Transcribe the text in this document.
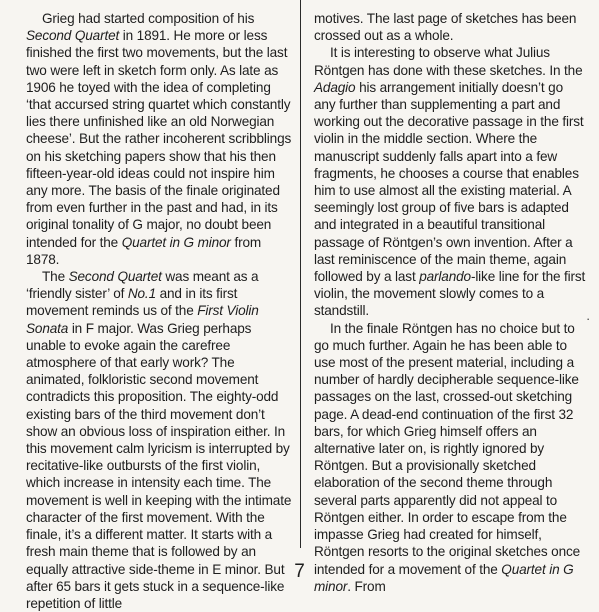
Grieg had started composition of his
Second Quartet in 1891. He more or less finished the first two movements, but the last two were left in sketch form only. As late as 1906 he toyed with the idea of completing ‘that accursed string quartet which constantly lies there unfinished like an old Norwegian cheese’. But the rather incoherent scribblings on his sketching papers show that his then fifteen-year-old ideas could not inspire him any more. The basis of the finale originated from even further in the past and had, in its original tonality of G major, no doubt been intended for the Quartet in G minor from 1878.

The Second Quartet was meant as a ‘friendly sister’ of No.1 and in its first movement reminds us of the First Violin Sonata in F major. Was Grieg perhaps unable to evoke again the carefree atmosphere of that early work? The animated, folkloristic second movement contradicts this proposition. The eighty-odd existing bars of the third movement don’t show an obvious loss of inspiration either. In this movement calm lyricism is interrupted by recitative-like outbursts of the first violin, which increase in intensity each time. The movement is well in keeping with the intimate character of the first movement. With the finale, it’s a different matter. It starts with a fresh main theme that is followed by an equally attractive side-theme in E minor. But after 65 bars it gets stuck in a sequence-like repetition of little

motives. The last page of sketches has been crossed out as a whole.

It is interesting to observe what Julius Röntgen has done with these sketches. In the Adagio his arrangement initially doesn’t go any further than supplementing a part and working out the decorative passage in the first violin in the middle section. Where the manuscript suddenly falls apart into a few fragments, he chooses a course that enables him to use almost all the existing material. A seemingly lost group of five bars is adapted and integrated in a beautiful transitional passage of Röntgen’s own invention. After a last reminiscence of the main theme, again followed by a last parlando-like line for the first violin, the movement slowly comes to a standstill.

In the finale Röntgen has no choice but to go much further. Again he has been able to use most of the present material, including a number of hardly decipherable sequence-like passages on the last, crossed-out sketching page. A dead-end continuation of the first 32 bars, for which Grieg himself offers an alternative later on, is rightly ignored by Röntgen. But a provisionally sketched elaboration of the second theme through several parts apparently did not appeal to Röntgen either. In order to escape from the impasse Grieg had created for himself, Röntgen resorts to the original sketches once intended for a movement of the Quartet in G minor. From

·
7
